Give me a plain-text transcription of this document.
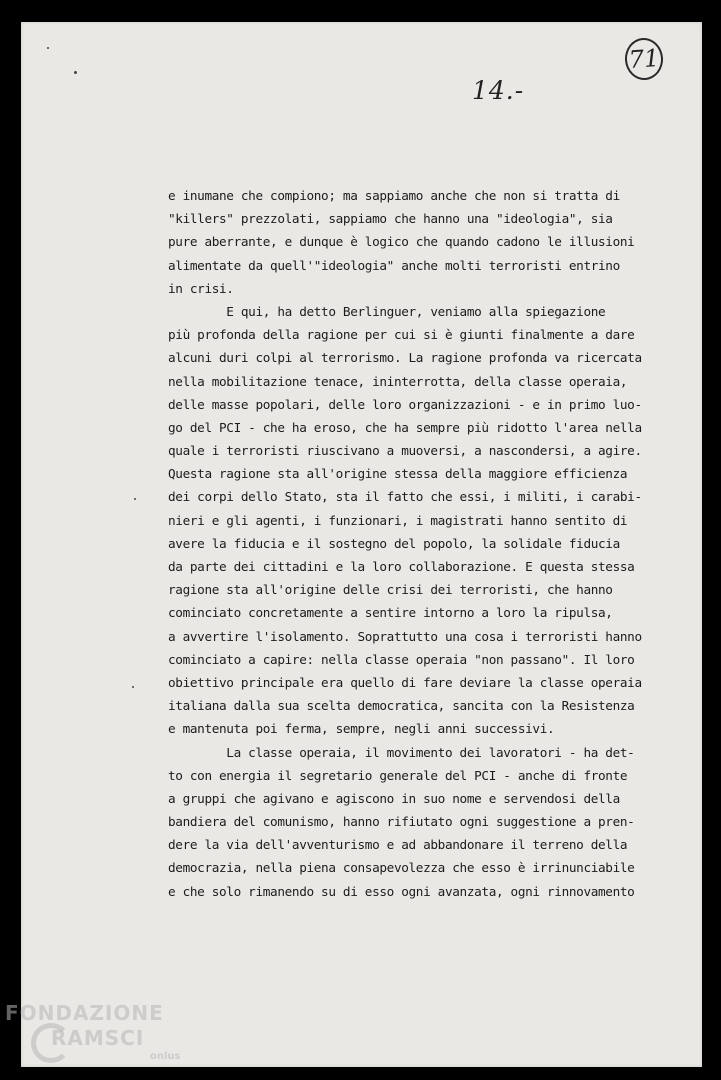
71
14.-
e inumane che compiono; ma sappiamo anche che non si tratta di
"killers" prezzolati, sappiamo che hanno una "ideologia", sia
pure aberrante, e dunque è logico che quando cadono le illusioni
alimentate da quell'"ideologia" anche molti terroristi entrino
in crisi.
E qui, ha detto Berlinguer, veniamo alla spiegazione
più profonda della ragione per cui si è giunti finalmente a dare
alcuni duri colpi al terrorismo. La ragione profonda va ricercata
nella mobilitazione tenace, ininterrotta, della classe operaia,
delle masse popolari, delle loro organizzazioni - e in primo luo-
go del PCI - che ha eroso, che ha sempre più ridotto l'area nella
quale i terroristi riuscivano a muoversi, a nascondersi, a agire.
Questa ragione sta all'origine stessa della maggiore efficienza
dei corpi dello Stato, sta il fatto che essi, i militi, i carabi-
nieri e gli agenti, i funzionari, i magistrati hanno sentito di
avere la fiducia e il sostegno del popolo, la solidale fiducia
da parte dei cittadini e la loro collaborazione. E questa stessa
ragione sta all'origine delle crisi dei terroristi, che hanno
cominciato concretamente a sentire intorno a loro la ripulsa,
a avvertire l'isolamento. Soprattutto una cosa i terroristi hanno
cominciato a capire: nella classe operaia "non passano". Il loro
obiettivo principale era quello di fare deviare la classe operaia
italiana dalla sua scelta democratica, sancita con la Resistenza
e mantenuta poi ferma, sempre, negli anni successivi.
La classe operaia, il movimento dei lavoratori - ha det-
to con energia il segretario generale del PCI - anche di fronte
a gruppi che agivano e agiscono in suo nome e servendosi della
bandiera del comunismo, hanno rifiutato ogni suggestione a pren-
dere la via dell'avventurismo e ad abbandonare il terreno della
democrazia, nella piena consapevolezza che esso è irrinunciabile
e che solo rimanendo su di esso ogni avanzata, ogni rinnovamento
FONDAZIONE
RAMSCI
onlus
